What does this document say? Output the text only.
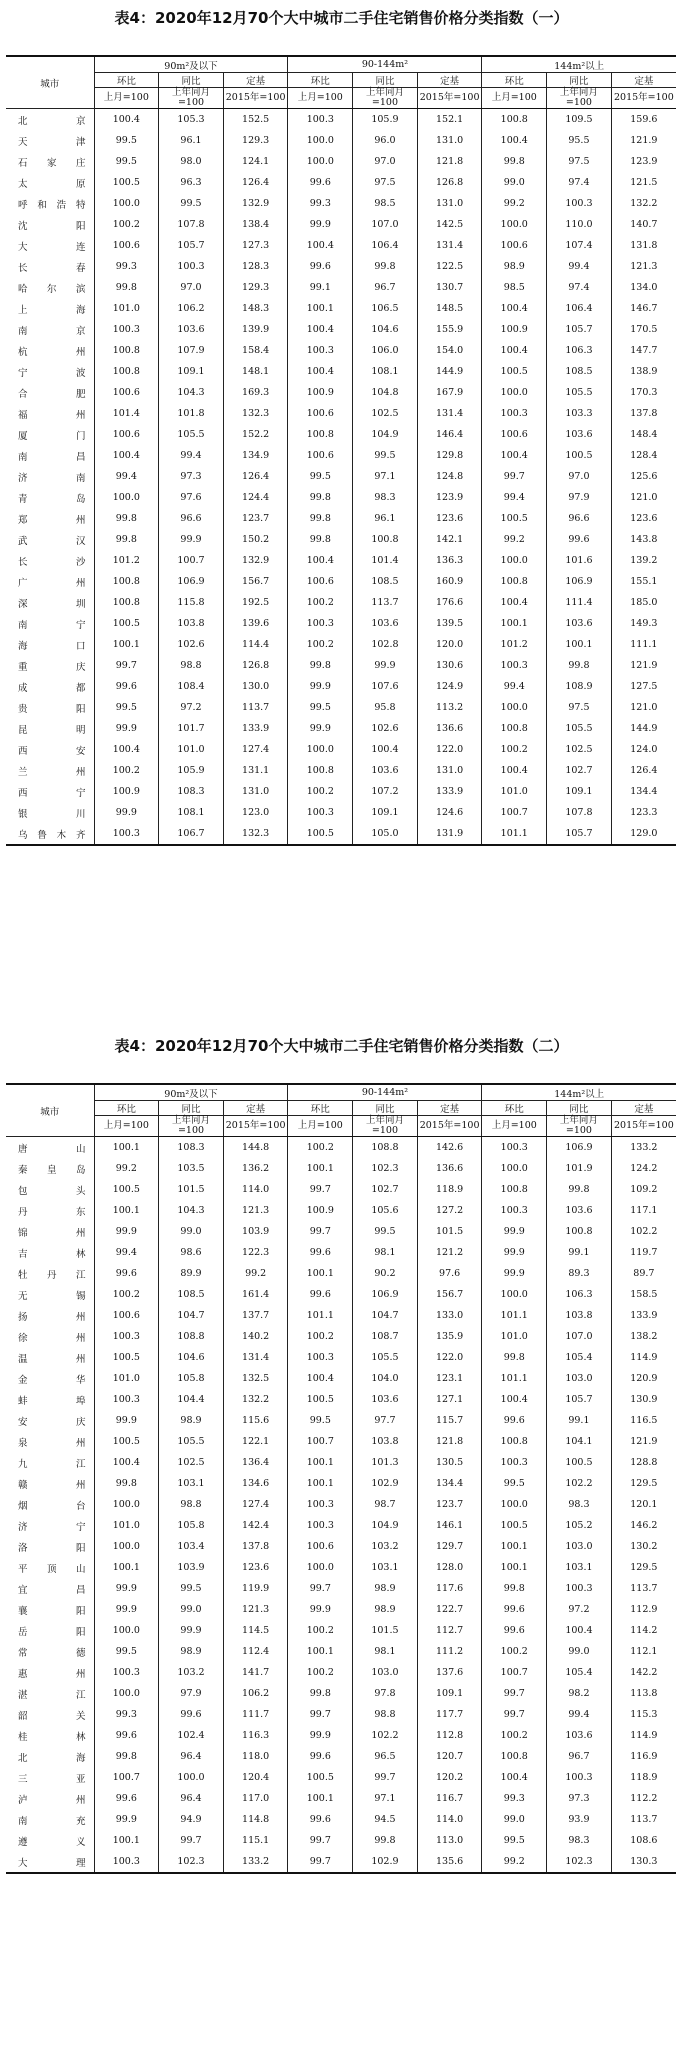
表4：2020年12月70个大中城市二手住宅销售价格分类指数（一）
城市	90m²及以下			90-144m²			144m²以上		
	环比	同比	定基	环比	同比	定基	环比	同比	定基
	上月=100	上年同月=100	2015年=100	上月=100	上年同月=100	2015年=100	上月=100	上年同月=100	2015年=100
北　京	100.4	105.3	152.5	100.3	105.9	152.1	100.8	109.5	159.6
天　津	99.5	96.1	129.3	100.0	96.0	131.0	100.4	95.5	121.9
石家庄	99.5	98.0	124.1	100.0	97.0	121.8	99.8	97.5	123.9
太　原	100.5	96.3	126.4	99.6	97.5	126.8	99.0	97.4	121.5
呼和浩特	100.0	99.5	132.9	99.3	98.5	131.0	99.2	100.3	132.2
沈　阳	100.2	107.8	138.4	99.9	107.0	142.5	100.0	110.0	140.7
大　连	100.6	105.7	127.3	100.4	106.4	131.4	100.6	107.4	131.8
长　春	99.3	100.3	128.3	99.6	99.8	122.5	98.9	99.4	121.3
哈尔滨	99.8	97.0	129.3	99.1	96.7	130.7	98.5	97.4	134.0
上　海	101.0	106.2	148.3	100.1	106.5	148.5	100.4	106.4	146.7
南　京	100.3	103.6	139.9	100.4	104.6	155.9	100.9	105.7	170.5
杭　州	100.8	107.9	158.4	100.3	106.0	154.0	100.4	106.3	147.7
宁　波	100.8	109.1	148.1	100.4	108.1	144.9	100.5	108.5	138.9
合　肥	100.6	104.3	169.3	100.9	104.8	167.9	100.0	105.5	170.3
福　州	101.4	101.8	132.3	100.6	102.5	131.4	100.3	103.3	137.8
厦　门	100.6	105.5	152.2	100.8	104.9	146.4	100.6	103.6	148.4
南　昌	100.4	99.4	134.9	100.6	99.5	129.8	100.4	100.5	128.4
济　南	99.4	97.3	126.4	99.5	97.1	124.8	99.7	97.0	125.6
青　岛	100.0	97.6	124.4	99.8	98.3	123.9	99.4	97.9	121.0
郑　州	99.8	96.6	123.7	99.8	96.1	123.6	100.5	96.6	123.6
武　汉	99.8	99.9	150.2	99.8	100.8	142.1	99.2	99.6	143.8
长　沙	101.2	100.7	132.9	100.4	101.4	136.3	100.0	101.6	139.2
广　州	100.8	106.9	156.7	100.6	108.5	160.9	100.8	106.9	155.1
深　圳	100.8	115.8	192.5	100.2	113.7	176.6	100.4	111.4	185.0
南　宁	100.5	103.8	139.6	100.3	103.6	139.5	100.1	103.6	149.3
海　口	100.1	102.6	114.4	100.2	102.8	120.0	101.2	100.1	111.1
重　庆	99.7	98.8	126.8	99.8	99.9	130.6	100.3	99.8	121.9
成　都	99.6	108.4	130.0	99.9	107.6	124.9	99.4	108.9	127.5
贵　阳	99.5	97.2	113.7	99.5	95.8	113.2	100.0	97.5	121.0
昆　明	99.9	101.7	133.9	99.9	102.6	136.6	100.8	105.5	144.9
西　安	100.4	101.0	127.4	100.0	100.4	122.0	100.2	102.5	124.0
兰　州	100.2	105.9	131.1	100.8	103.6	131.0	100.4	102.7	126.4
西　宁	100.9	108.3	131.0	100.2	107.2	133.9	101.0	109.1	134.4
银　川	99.9	108.1	123.0	100.3	109.1	124.6	100.7	107.8	123.3
乌鲁木齐	100.3	106.7	132.3	100.5	105.0	131.9	101.1	105.7	129.0
表4：2020年12月70个大中城市二手住宅销售价格分类指数（二）
城市	90m²及以下			90-144m²			144m²以上		
	环比	同比	定基	环比	同比	定基	环比	同比	定基
	上月=100	上年同月=100	2015年=100	上月=100	上年同月=100	2015年=100	上月=100	上年同月=100	2015年=100
唐　山	100.1	108.3	144.8	100.2	108.8	142.6	100.3	106.9	133.2
秦皇岛	99.2	103.5	136.2	100.1	102.3	136.6	100.0	101.9	124.2
包　头	100.5	101.5	114.0	99.7	102.7	118.9	100.8	99.8	109.2
丹　东	100.1	104.3	121.3	100.9	105.6	127.2	100.3	103.6	117.1
锦　州	99.9	99.0	103.9	99.7	99.5	101.5	99.9	100.8	102.2
吉　林	99.4	98.6	122.3	99.6	98.1	121.2	99.9	99.1	119.7
牡丹江	99.6	89.9	99.2	100.1	90.2	97.6	99.9	89.3	89.7
无　锡	100.2	108.5	161.4	99.6	106.9	156.7	100.0	106.3	158.5
扬　州	100.6	104.7	137.7	101.1	104.7	133.0	101.1	103.8	133.9
徐　州	100.3	108.8	140.2	100.2	108.7	135.9	101.0	107.0	138.2
温　州	100.5	104.6	131.4	100.3	105.5	122.0	99.8	105.4	114.9
金　华	101.0	105.8	132.5	100.4	104.0	123.1	101.1	103.0	120.9
蚌　埠	100.3	104.4	132.2	100.5	103.6	127.1	100.4	105.7	130.9
安　庆	99.9	98.9	115.6	99.5	97.7	115.7	99.6	99.1	116.5
泉　州	100.5	105.5	122.1	100.7	103.8	121.8	100.8	104.1	121.9
九　江	100.4	102.5	136.4	100.1	101.3	130.5	100.3	100.5	128.8
赣　州	99.8	103.1	134.6	100.1	102.9	134.4	99.5	102.2	129.5
烟　台	100.0	98.8	127.4	100.3	98.7	123.7	100.0	98.3	120.1
济　宁	101.0	105.8	142.4	100.3	104.9	146.1	100.5	105.2	146.2
洛　阳	100.0	103.4	137.8	100.6	103.2	129.7	100.1	103.0	130.2
平顶山	100.1	103.9	123.6	100.0	103.1	128.0	100.1	103.1	129.5
宜　昌	99.9	99.5	119.9	99.7	98.9	117.6	99.8	100.3	113.7
襄　阳	99.9	99.0	121.3	99.9	98.9	122.7	99.6	97.2	112.9
岳　阳	100.0	99.9	114.5	100.2	101.5	112.7	99.6	100.4	114.2
常　德	99.5	98.9	112.4	100.1	98.1	111.2	100.2	99.0	112.1
惠　州	100.3	103.2	141.7	100.2	103.0	137.6	100.7	105.4	142.2
湛　江	100.0	97.9	106.2	99.8	97.8	109.1	99.7	98.2	113.8
韶　关	99.3	99.6	111.7	99.7	98.8	117.7	99.7	99.4	115.3
桂　林	99.6	102.4	116.3	99.9	102.2	112.8	100.2	103.6	114.9
北　海	99.8	96.4	118.0	99.6	96.5	120.7	100.8	96.7	116.9
三　亚	100.7	100.0	120.4	100.5	99.7	120.2	100.4	100.3	118.9
泸　州	99.6	96.4	117.0	100.1	97.1	116.7	99.3	97.3	112.2
南　充	99.9	94.9	114.8	99.6	94.5	114.0	99.0	93.9	113.7
遵　义	100.1	99.7	115.1	99.7	99.8	113.0	99.5	98.3	108.6
大　理	100.3	102.3	133.2	99.7	102.9	135.6	99.2	102.3	130.3
